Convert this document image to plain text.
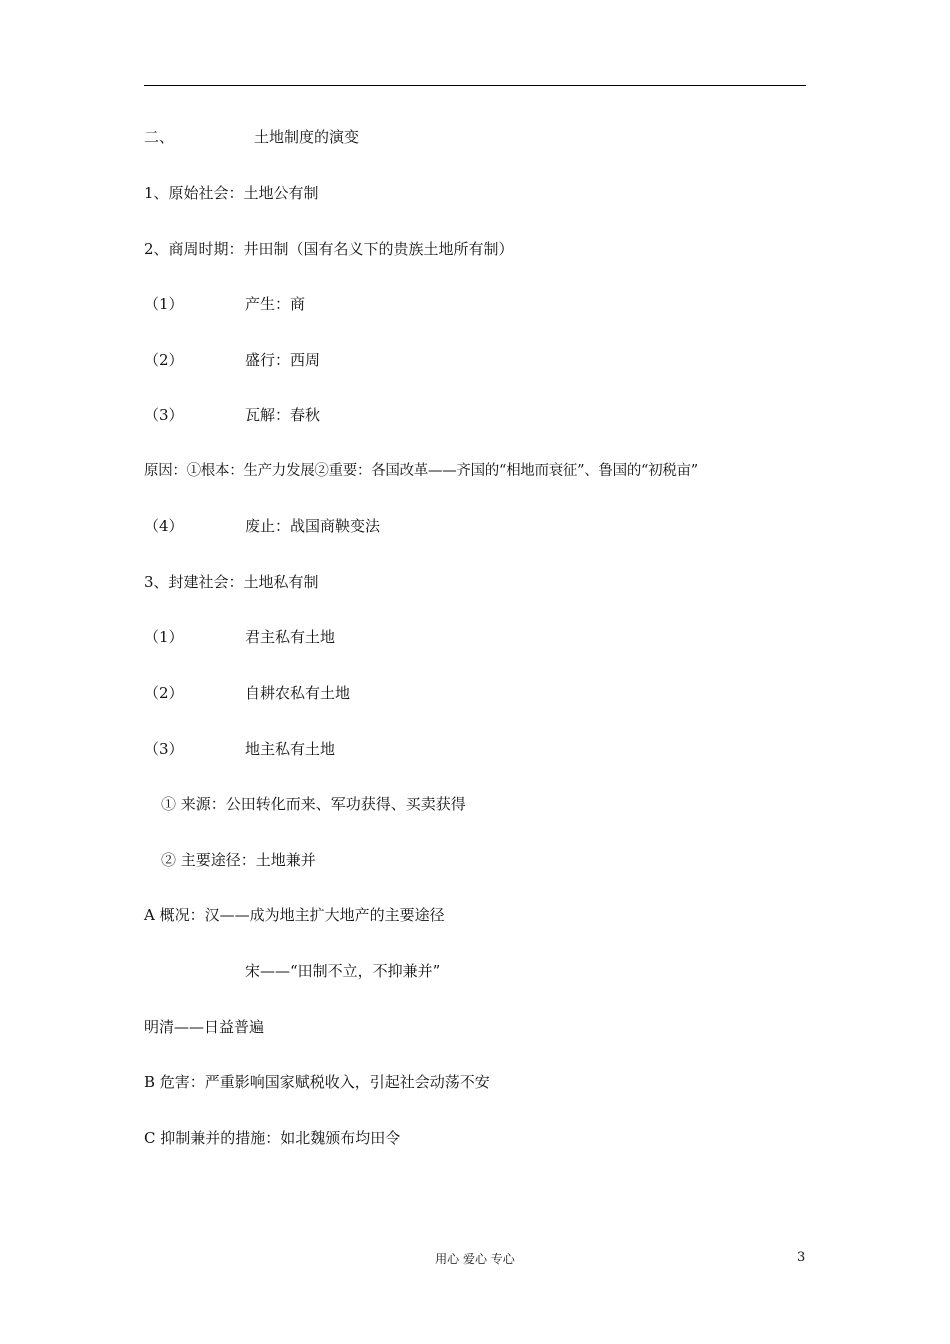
二、	土地制度的演变
1、原始社会：土地公有制
2、商周时期：井田制（国有名义下的贵族土地所有制）
（1）	产生：商
（2）	盛行：西周
（3）	瓦解：春秋
原因：①根本：生产力发展②重要：各国改革——齐国的“相地而衰征”、鲁国的“初税亩”
（4）	废止：战国商鞅变法
3、封建社会：土地私有制
（1）	君主私有土地
（2）	自耕农私有土地
（3）	地主私有土地
① 来源：公田转化而来、军功获得、买卖获得
② 主要途径：土地兼并
A 概况：汉——成为地主扩大地产的主要途径
宋——“田制不立，不抑兼并”
明清——日益普遍
B 危害：严重影响国家赋税收入，引起社会动荡不安
C 抑制兼并的措施：如北魏颁布均田令
用心 爱心 专心	3
